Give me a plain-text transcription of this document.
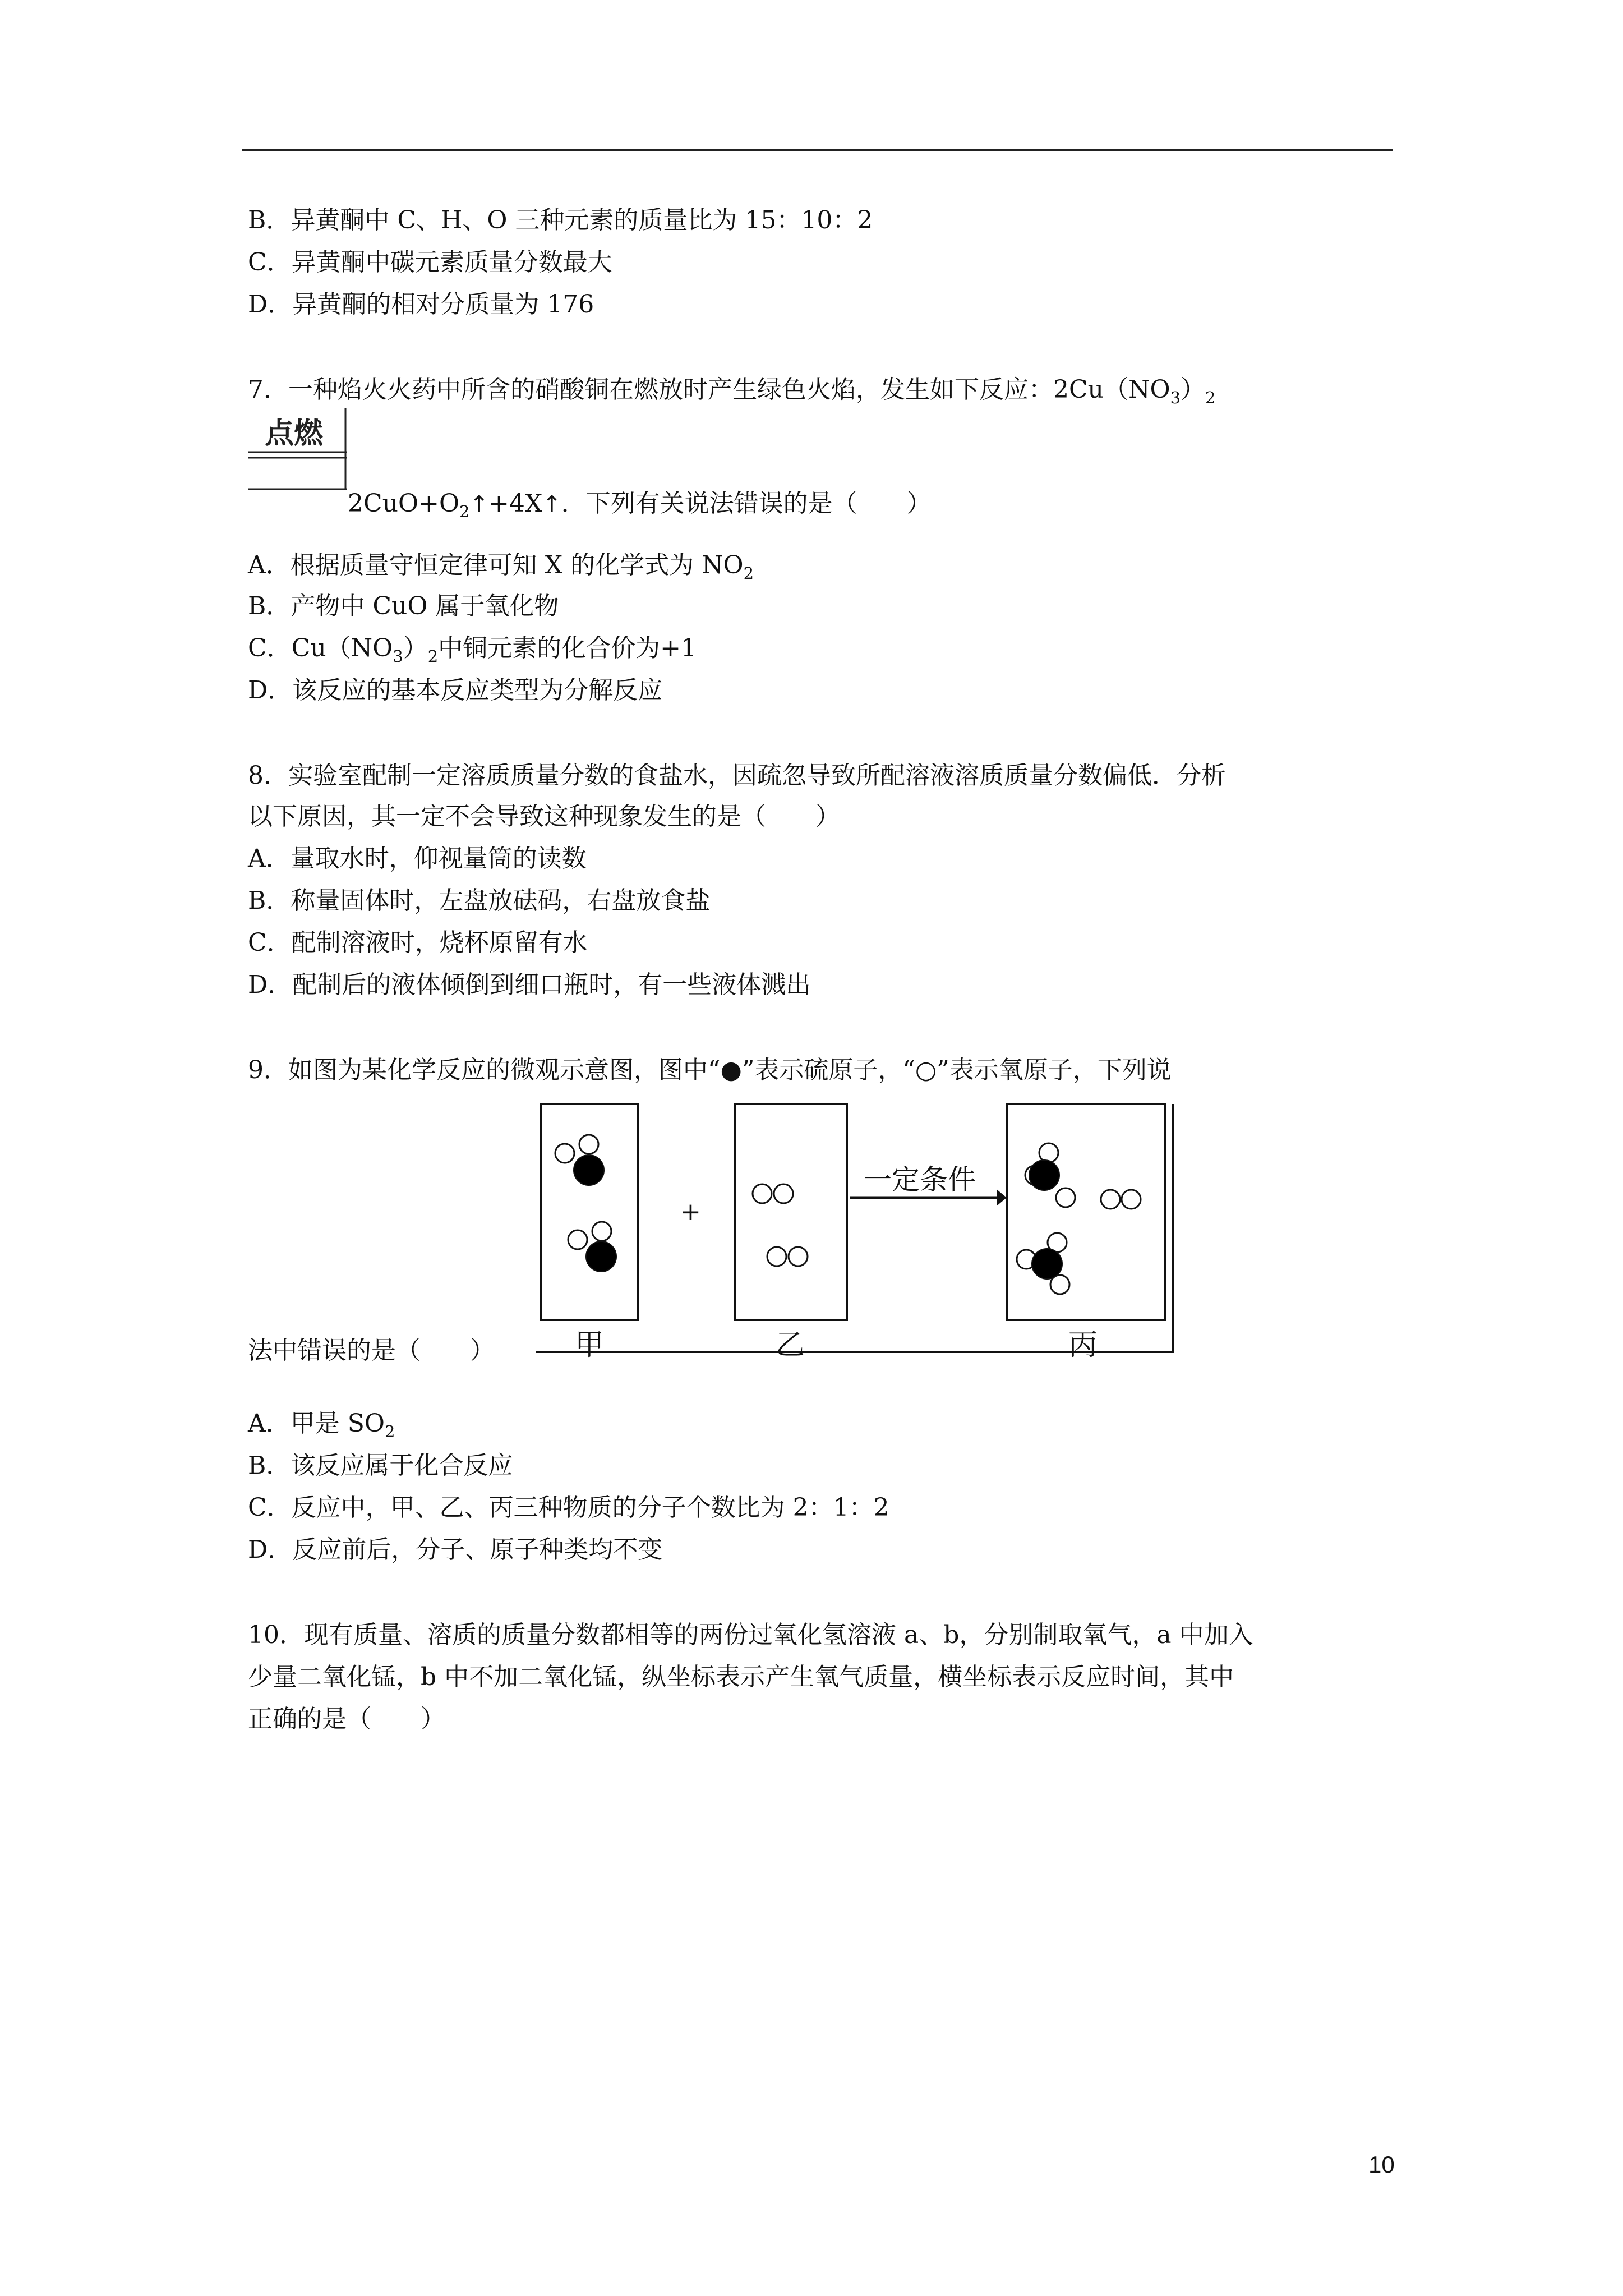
B．异黄酮中 C、H、O 三种元素的质量比为 15：10：2
C．异黄酮中碳元素质量分数最大
D．异黄酮的相对分质量为 176
7．一种焰火火药中所含的硝酸铜在燃放时产生绿色火焰，发生如下反应：$2Cu(NO_3)_2$
点燃
$2CuO+O_2↑+4X↑$．下列有关说法错误的是（　　）
A．根据质量守恒定律可知 X 的化学式为 $NO_2$
B．产物中 CuO 属于氧化物
C．$Cu(NO_3)_2$中铜元素的化合价为+1
D．该反应的基本反应类型为分解反应
8．实验室配制一定溶质质量分数的食盐水，因疏忽导致所配溶液溶质质量分数偏低．分析
以下原因，其一定不会导致这种现象发生的是（　　）
A．量取水时，仰视量筒的读数
B．称量固体时，左盘放砝码，右盘放食盐
C．配制溶液时，烧杯原留有水
D．配制后的液体倾倒到细口瓶时，有一些液体溅出
9．如图为某化学反应的微观示意图，图中“●”表示硫原子，“○”表示氧原子，下列说
+
一定条件
甲	乙	丙
法中错误的是（　　）
A．甲是 $SO_2$
B．该反应属于化合反应
C．反应中，甲、乙、丙三种物质的分子个数比为 2：1：2
D．反应前后，分子、原子种类均不变
10．现有质量、溶质的质量分数都相等的两份过氧化氢溶液 a、b，分别制取氧气，a 中加入
少量二氧化锰，b 中不加二氧化锰，纵坐标表示产生氧气质量，横坐标表示反应时间，其中
正确的是（　　）
10
